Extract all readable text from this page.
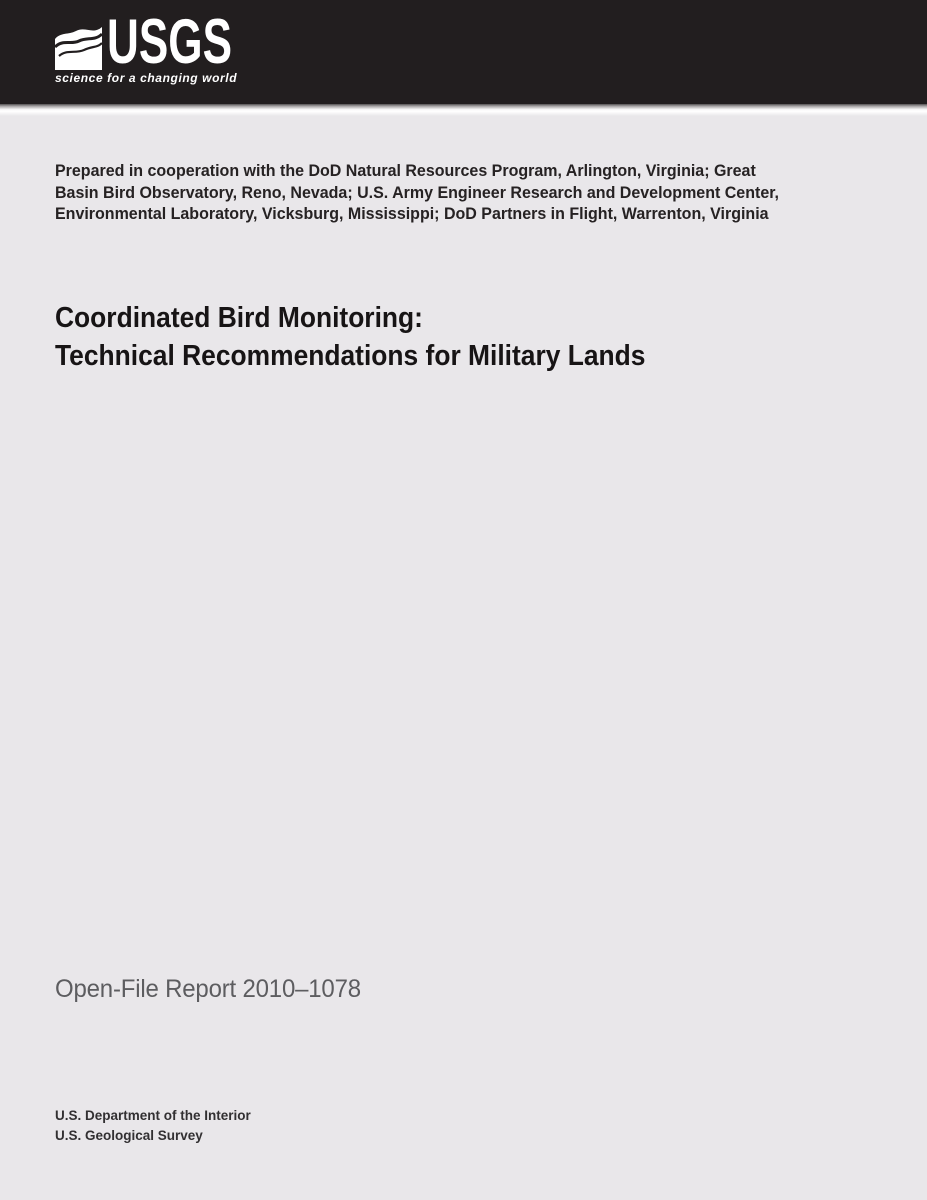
USGS
science for a changing world
Prepared in cooperation with the DoD Natural Resources Program, Arlington, Virginia; Great
Basin Bird Observatory, Reno, Nevada; U.S. Army Engineer Research and Development Center,
Environmental Laboratory, Vicksburg, Mississippi; DoD Partners in Flight, Warrenton, Virginia
Coordinated Bird Monitoring:
Technical Recommendations for Military Lands
Open-File Report 2010–1078
U.S. Department of the Interior
U.S. Geological Survey
